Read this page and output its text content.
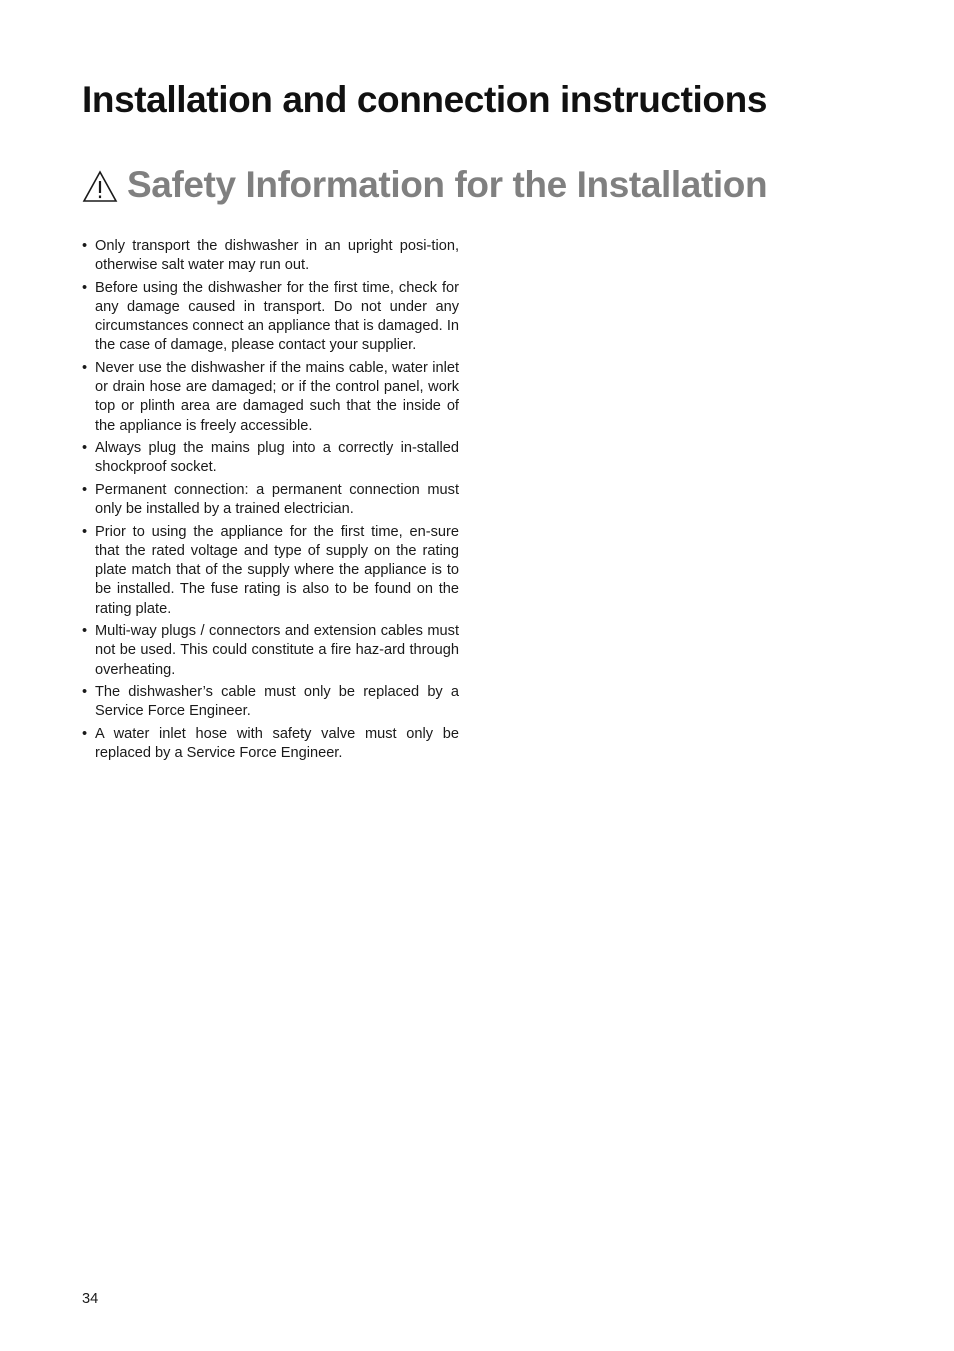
Installation and connection instructions
Safety Information for the Installation
• Only transport the dishwasher in an upright posi-tion, otherwise salt water may run out.
• Before using the dishwasher for the first time, check for any damage caused in transport. Do not under any circumstances connect an appliance that is damaged. In the case of damage, please contact your supplier.
• Never use the dishwasher if the mains cable, water inlet or drain hose are damaged; or if the control panel, work top or plinth area are damaged such that the inside of the appliance is freely accessible.
• Always plug the mains plug into a correctly in-stalled shockproof socket.
• Permanent connection: a permanent connection must only be installed by a trained electrician.
• Prior to using the appliance for the first time, en-sure that the rated voltage and type of supply on the rating plate match that of the supply where the appliance is to be installed. The fuse rating is also to be found on the rating plate.
• Multi-way plugs / connectors and extension cables must not be used. This could constitute a fire haz-ard through overheating.
• The dishwasher’s cable must only be replaced by a Service Force Engineer.
• A water inlet hose with safety valve must only be replaced by a Service Force Engineer.
34
